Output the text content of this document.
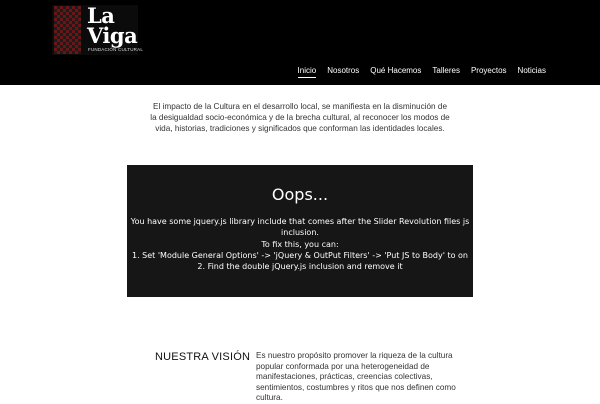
La Viga
FUNDACIÓN CULTURAL
Inicio Nosotros Qué Hacemos Talleres Proyectos Noticias

El impacto de la Cultura en el desarrollo local, se manifiesta en la disminución de la desigualdad socio-económica y de la brecha cultural, al reconocer los modos de vida, historias, tradiciones y significados que conforman las identidades locales.

Oops...
You have some jquery.js library include that comes after the Slider Revolution files js
inclusion.
To fix this, you can:
1. Set 'Module General Options' -> 'jQuery & OutPut Filters' -> 'Put JS to Body' to on
2. Find the double jQuery.js inclusion and remove it
NUESTRA VISIÓN Es nuestro propósito promover la riqueza de la cultura popular conformada por una heterogeneidad de manifestaciones, prácticas, creencias colectivas, sentimientos, costumbres y ritos que nos definen como cultura.
